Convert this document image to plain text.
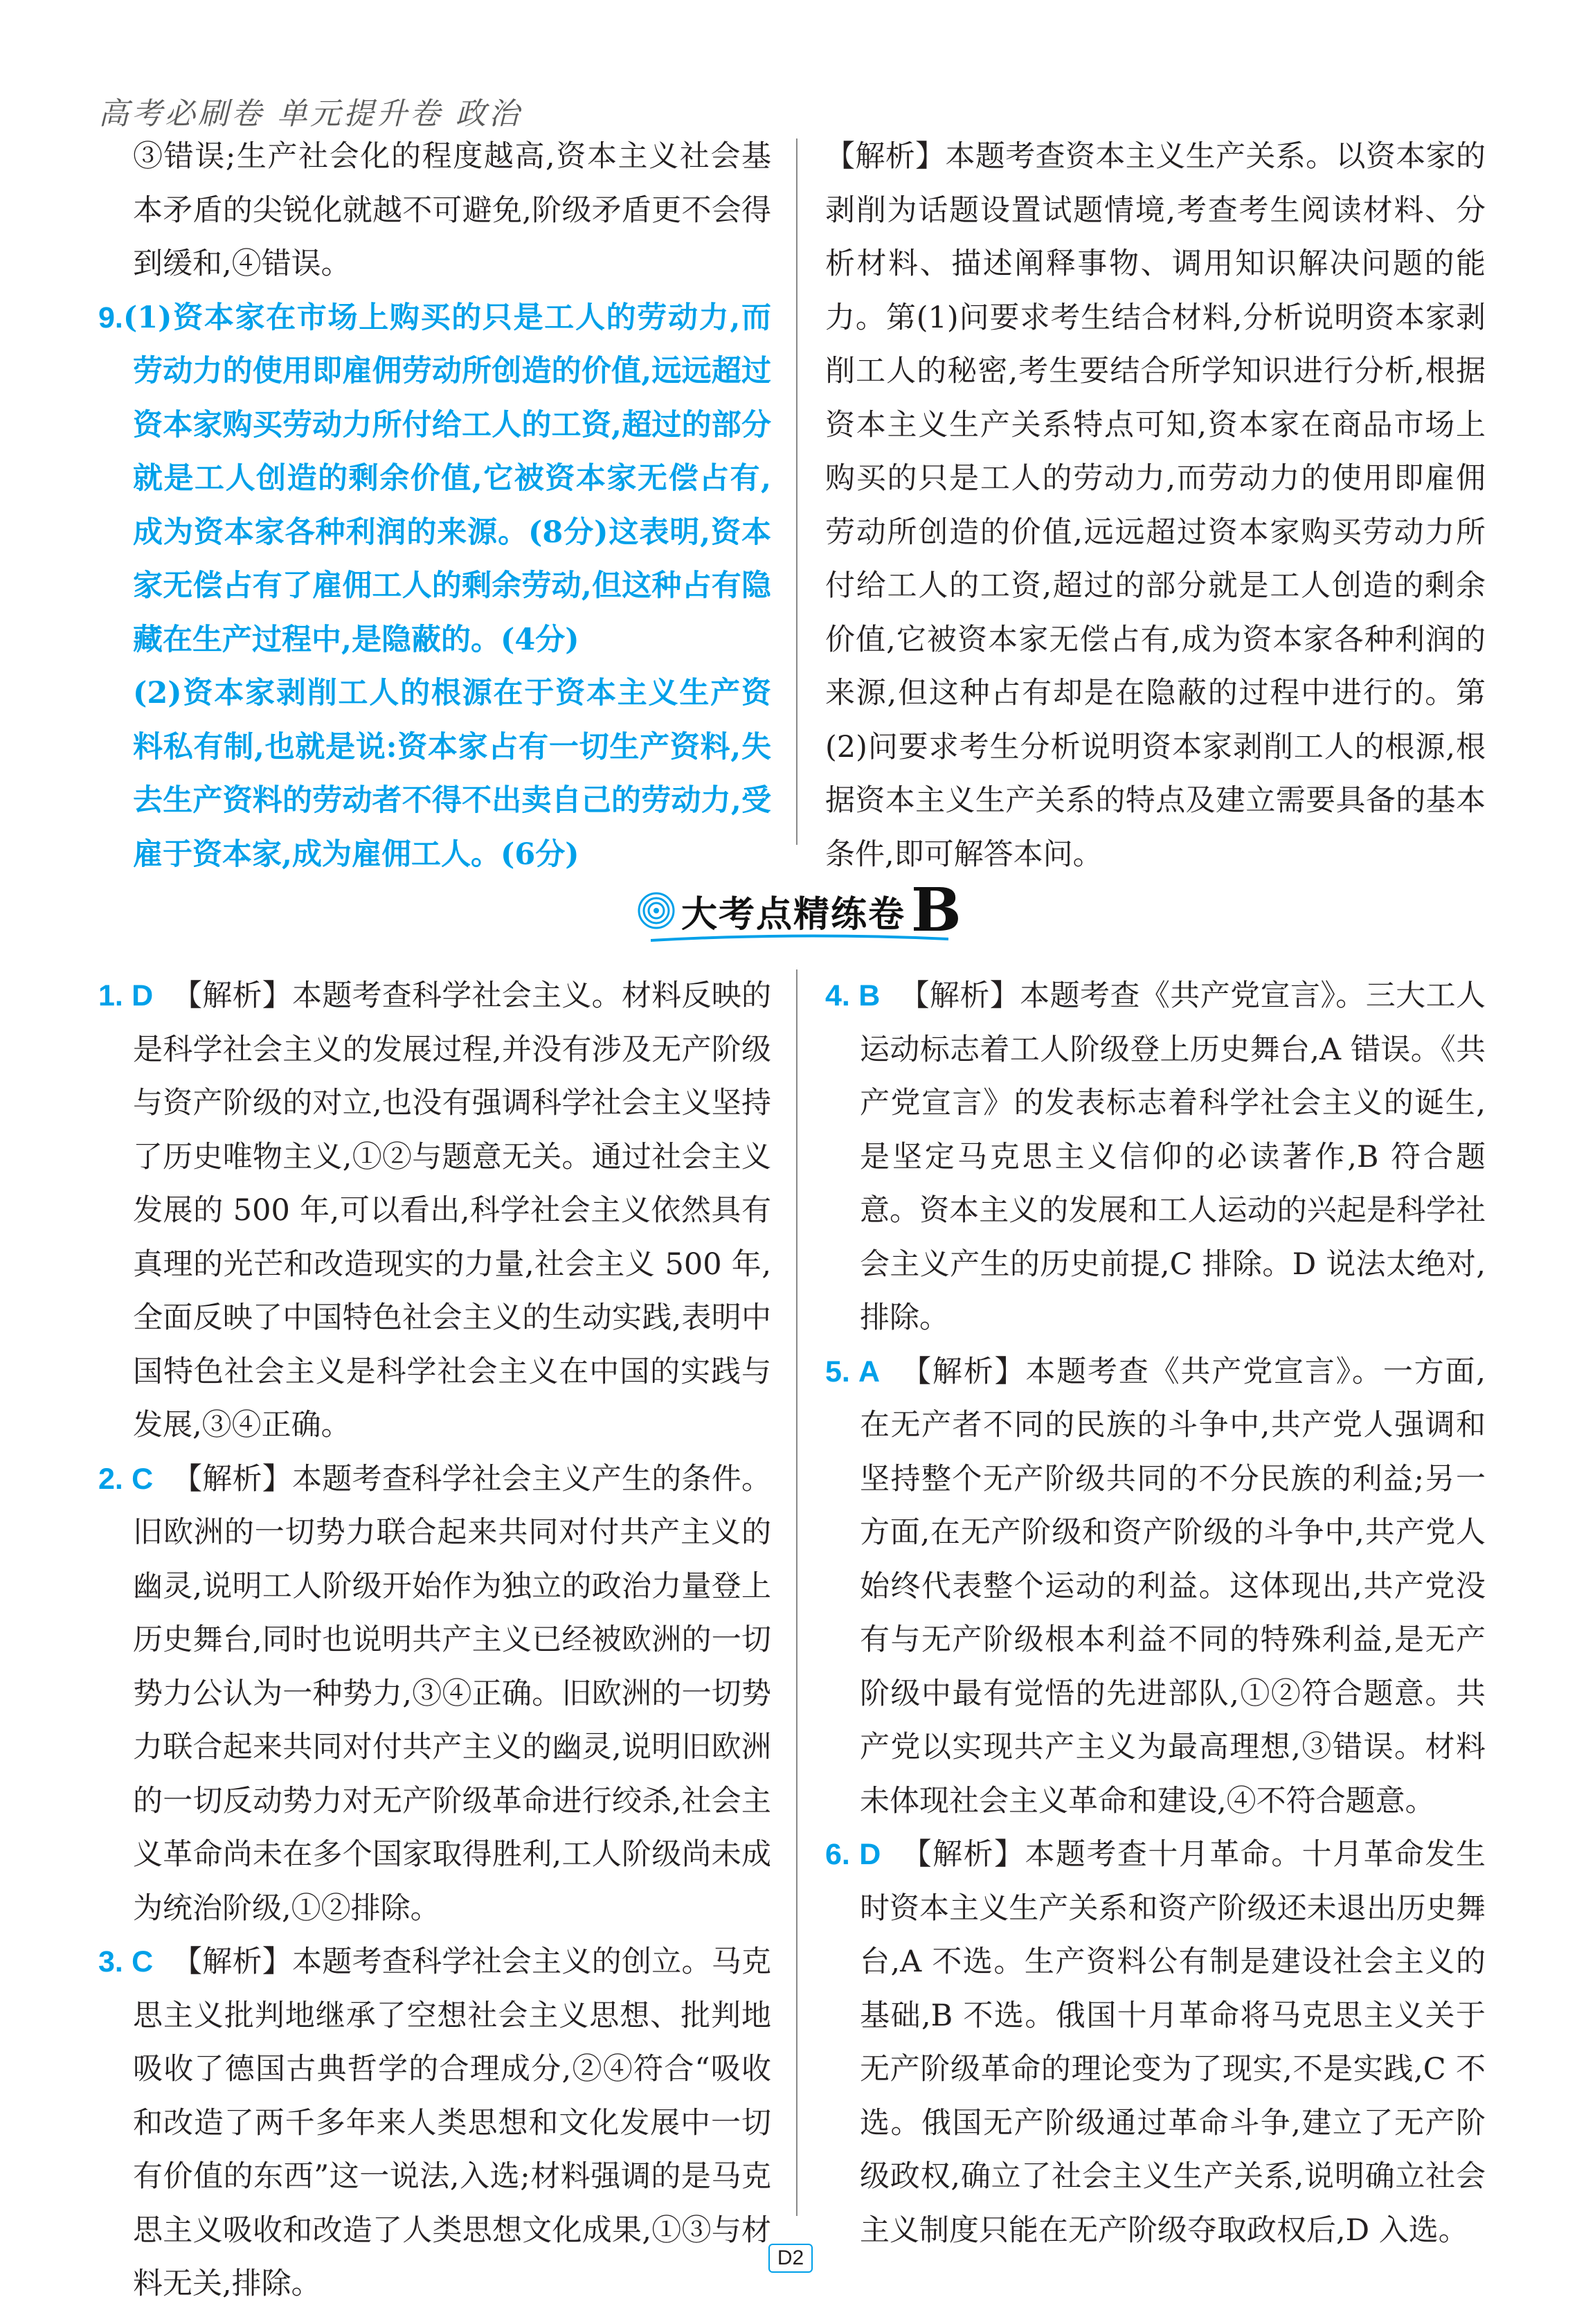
高考必刷卷 单元提升卷 政治

③错误;生产社会化的程度越高,资本主义社会基本矛盾的尖锐化就越不可避免,阶级矛盾更不会得到缓和,④错误。

9.(1)资本家在市场上购买的只是工人的劳动力,而劳动力的使用即雇佣劳动所创造的价值,远远超过资本家购买劳动力所付给工人的工资,超过的部分就是工人创造的剩余价值,它被资本家无偿占有,成为资本家各种利润的来源。(8分)这表明,资本家无偿占有了雇佣工人的剩余劳动,但这种占有隐藏在生产过程中,是隐蔽的。(4分)

(2)资本家剥削工人的根源在于资本主义生产资料私有制,也就是说:资本家占有一切生产资料,失去生产资料的劳动者不得不出卖自己的劳动力,受雇于资本家,成为雇佣工人。(6分)

【解析】本题考查资本主义生产关系。以资本家的剥削为话题设置试题情境,考查考生阅读材料、分析材料、描述阐释事物、调用知识解决问题的能力。第(1)问要求考生结合材料,分析说明资本家剥削工人的秘密,考生要结合所学知识进行分析,根据资本主义生产关系特点可知,资本家在商品市场上购买的只是工人的劳动力,而劳动力的使用即雇佣劳动所创造的价值,远远超过资本家购买劳动力所付给工人的工资,超过的部分就是工人创造的剩余价值,它被资本家无偿占有,成为资本家各种利润的来源,但这种占有却是在隐蔽的过程中进行的。第(2)问要求考生分析说明资本家剥削工人的根源,根据资本主义生产关系的特点及建立需要具备的基本条件,即可解答本问。

大考点精练卷 B

1. D 【解析】本题考查科学社会主义。材料反映的是科学社会主义的发展过程,并没有涉及无产阶级与资产阶级的对立,也没有强调科学社会主义坚持了历史唯物主义,①②与题意无关。通过社会主义发展的 500 年,可以看出,科学社会主义依然具有真理的光芒和改造现实的力量,社会主义 500 年,全面反映了中国特色社会主义的生动实践,表明中国特色社会主义是科学社会主义在中国的实践与发展,③④正确。

2. C 【解析】本题考查科学社会主义产生的条件。旧欧洲的一切势力联合起来共同对付共产主义的幽灵,说明工人阶级开始作为独立的政治力量登上历史舞台,同时也说明共产主义已经被欧洲的一切势力公认为一种势力,③④正确。旧欧洲的一切势力联合起来共同对付共产主义的幽灵,说明旧欧洲的一切反动势力对无产阶级革命进行绞杀,社会主义革命尚未在多个国家取得胜利,工人阶级尚未成为统治阶级,①②排除。

3. C 【解析】本题考查科学社会主义的创立。马克思主义批判地继承了空想社会主义思想、批判地吸收了德国古典哲学的合理成分,②④符合“吸收和改造了两千多年来人类思想和文化发展中一切有价值的东西”这一说法,入选;材料强调的是马克思主义吸收和改造了人类思想文化成果,①③与材料无关,排除。

4. B 【解析】本题考查《共产党宣言》。三大工人运动标志着工人阶级登上历史舞台,A 错误。《共产党宣言》的发表标志着科学社会主义的诞生,是坚定马克思主义信仰的必读著作,B 符合题意。资本主义的发展和工人运动的兴起是科学社会主义产生的历史前提,C 排除。D 说法太绝对,排除。

5. A 【解析】本题考查《共产党宣言》。一方面,在无产者不同的民族的斗争中,共产党人强调和坚持整个无产阶级共同的不分民族的利益;另一方面,在无产阶级和资产阶级的斗争中,共产党人始终代表整个运动的利益。这体现出,共产党没有与无产阶级根本利益不同的特殊利益,是无产阶级中最有觉悟的先进部队,①②符合题意。共产党以实现共产主义为最高理想,③错误。材料未体现社会主义革命和建设,④不符合题意。

6. D 【解析】本题考查十月革命。十月革命发生时资本主义生产关系和资产阶级还未退出历史舞台,A 不选。生产资料公有制是建设社会主义的基础,B 不选。俄国十月革命将马克思主义关于无产阶级革命的理论变为了现实,不是实践,C 不选。俄国无产阶级通过革命斗争,建立了无产阶级政权,确立了社会主义生产关系,说明确立社会主义制度只能在无产阶级夺取政权后,D 入选。

D2
